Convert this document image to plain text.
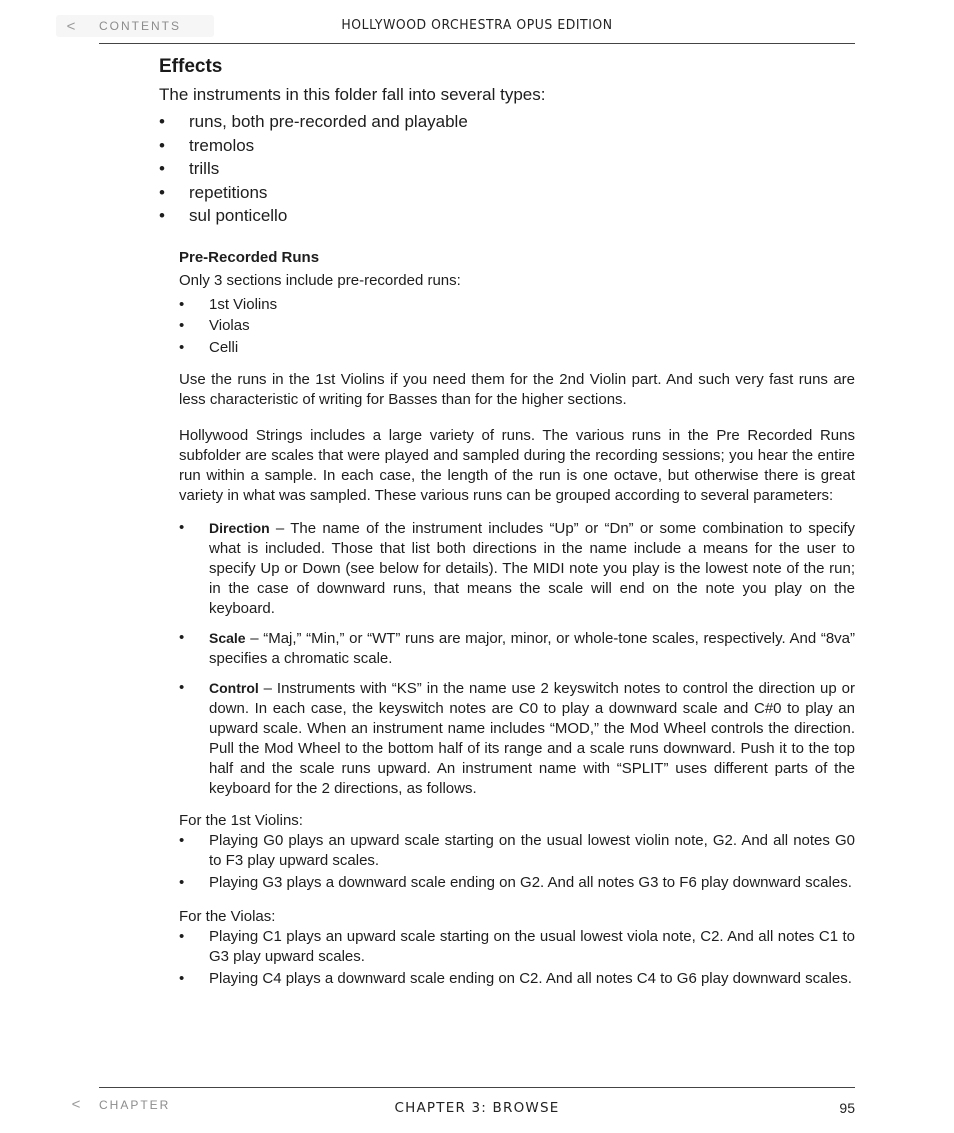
<	CONTENTS	HOLLYWOOD ORCHESTRA OPUS EDITION
Effects

The instruments in this folder fall into several types:

• runs, both pre-recorded and playable
• tremolos
• trills
• repetitions
• sul ponticello
Pre-Recorded Runs

Only 3 sections include pre-recorded runs:

• 1st Violins
• Violas
• Celli

Use the runs in the 1st Violins if you need them for the 2nd Violin part. And such very fast runs are less characteristic of writing for Basses than for the higher sections.

Hollywood Strings includes a large variety of runs. The various runs in the Pre Recorded Runs subfolder are scales that were played and sampled during the recording sessions; you hear the entire run within a sample. In each case, the length of the run is one octave, but otherwise there is great variety in what was sampled. These various runs can be grouped according to several parameters:

• Direction – The name of the instrument includes “Up” or “Dn” or some combination to specify what is included. Those that list both directions in the name include a means for the user to specify Up or Down (see below for details). The MIDI note you play is the lowest note of the run; in the case of downward runs, that means the scale will end on the note you play on the keyboard.
• Scale – “Maj,” “Min,” or “WT” runs are major, minor, or whole-tone scales, respectively. And “8va” specifies a chromatic scale.
• Control – Instruments with “KS” in the name use 2 keyswitch notes to control the direction up or down. In each case, the keyswitch notes are C0 to play a downward scale and C#0 to play an upward scale. When an instrument name includes “MOD,” the Mod Wheel controls the direction. Pull the Mod Wheel to the bottom half of its range and a scale runs downward. Push it to the top half and the scale runs upward. An instrument name with “SPLIT” uses different parts of the keyboard for the 2 directions, as follows.

For the 1st Violins:

• Playing G0 plays an upward scale starting on the usual lowest violin note, G2. And all notes G0 to F3 play upward scales.
• Playing G3 plays a downward scale ending on G2. And all notes G3 to F6 play downward scales.

For the Violas:

• Playing C1 plays an upward scale starting on the usual lowest viola note, C2. And all notes C1 to G3 play upward scales.
• Playing C4 plays a downward scale ending on C2. And all notes C4 to G6 play downward scales.
<	CHAPTER	CHAPTER 3: BROWSE	95
